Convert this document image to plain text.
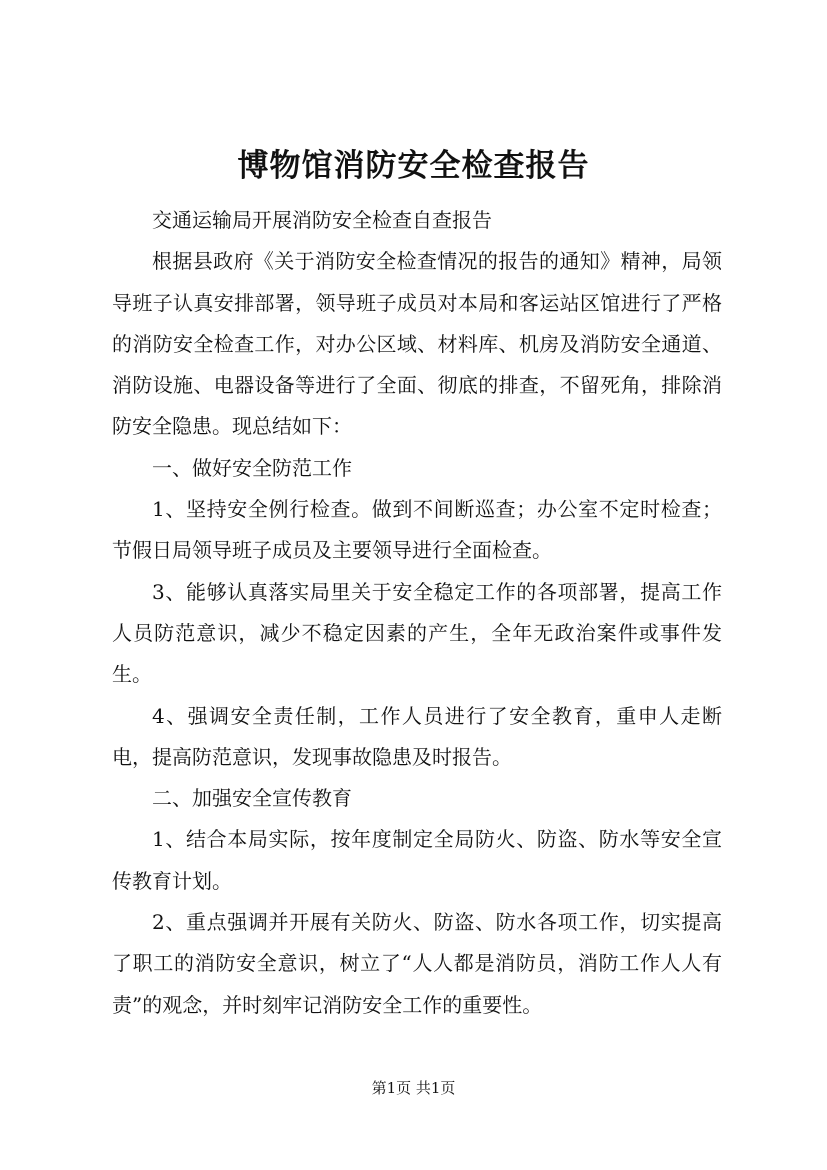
博物馆消防安全检查报告

交通运输局开展消防安全检查自查报告

根据县政府《关于消防安全检查情况的报告的通知》精神，局领导班子认真安排部署，领导班子成员对本局和客运站区馆进行了严格的消防安全检查工作，对办公区域、材料库、机房及消防安全通道、消防设施、电器设备等进行了全面、彻底的排查，不留死角，排除消防安全隐患。现总结如下：

一、做好安全防范工作

1、坚持安全例行检查。做到不间断巡查；办公室不定时检查；节假日局领导班子成员及主要领导进行全面检查。

3、能够认真落实局里关于安全稳定工作的各项部署，提高工作人员防范意识，减少不稳定因素的产生，全年无政治案件或事件发生。

4、强调安全责任制，工作人员进行了安全教育，重申人走断电，提高防范意识，发现事故隐患及时报告。

二、加强安全宣传教育

1、结合本局实际，按年度制定全局防火、防盗、防水等安全宣传教育计划。

2、重点强调并开展有关防火、防盗、防水各项工作，切实提高了职工的消防安全意识，树立了“人人都是消防员，消防工作人人有责”的观念，并时刻牢记消防安全工作的重要性。

第1页 共1页
